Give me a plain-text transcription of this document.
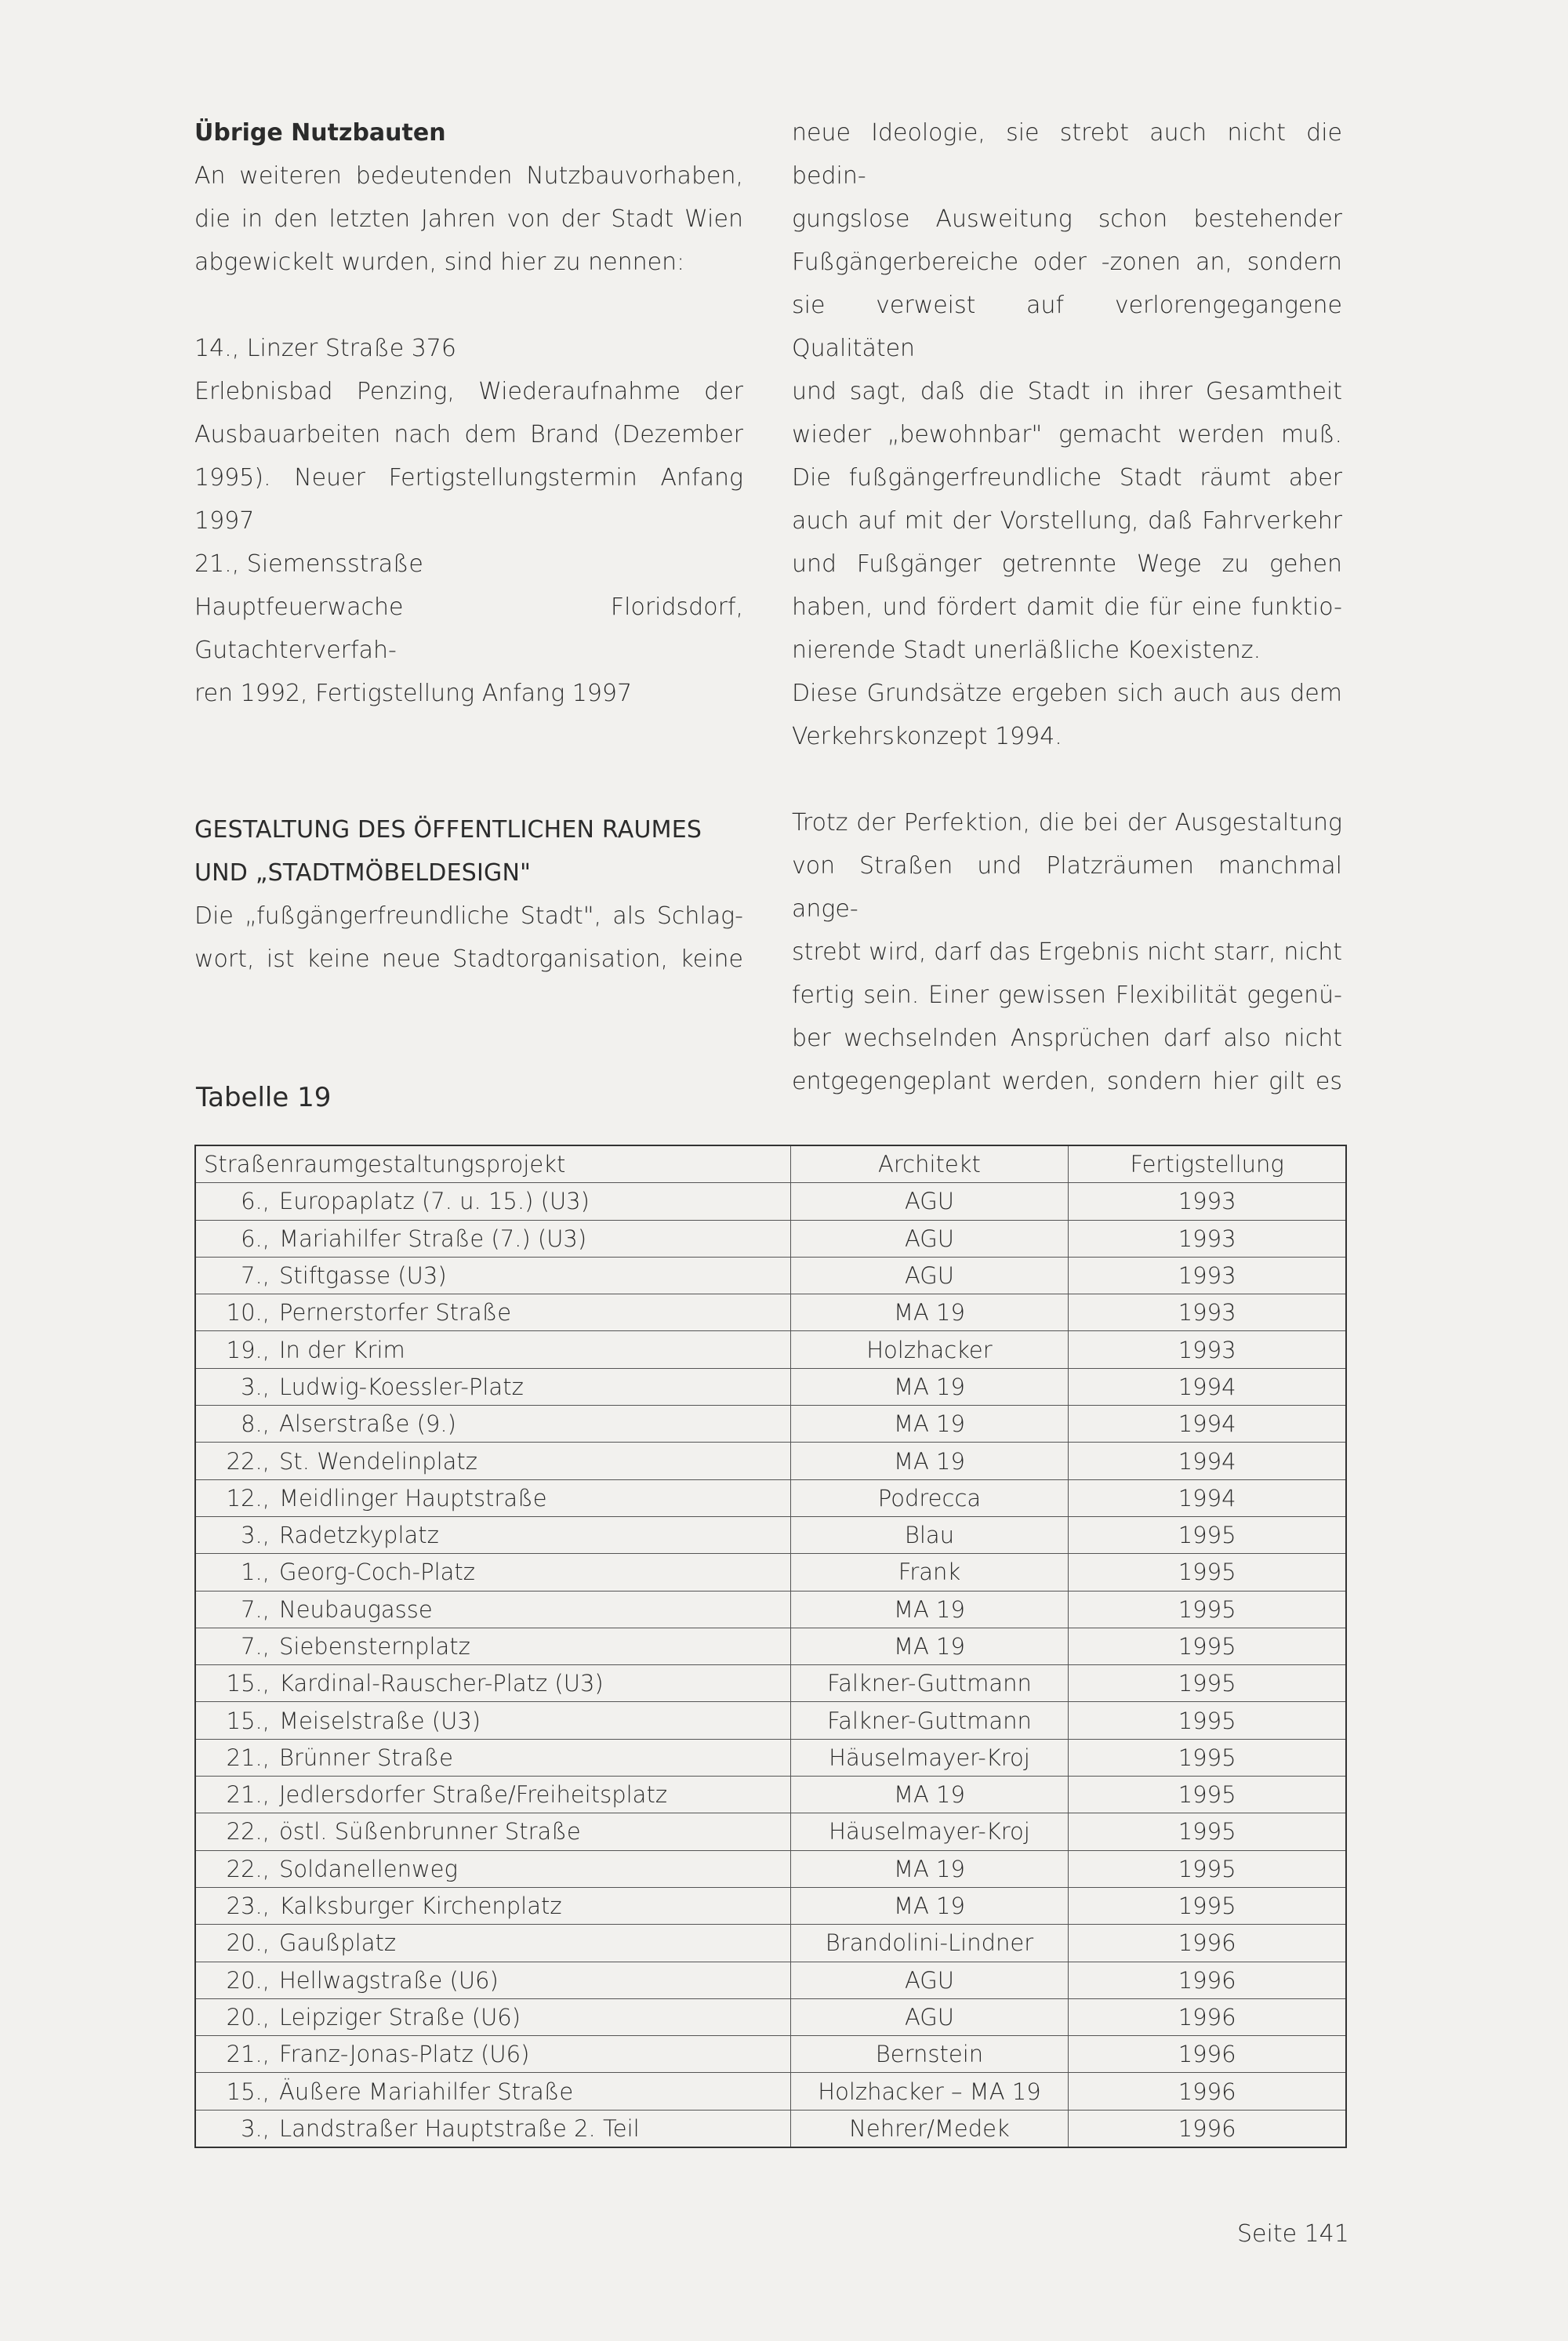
Übrige Nutzbauten

An weiteren bedeutenden Nutzbauvorhaben,

die in den letzten Jahren von der Stadt Wien

abgewickelt wurden, sind hier zu nennen:

14., Linzer Straße 376

Erlebnisbad Penzing, Wiederaufnahme der

Ausbauarbeiten nach dem Brand (Dezember

1995). Neuer Fertigstellungstermin Anfang

1997

21., Siemensstraße

Hauptfeuerwache Floridsdorf, Gutachterverfah-

ren 1992, Fertigstellung Anfang 1997

GESTALTUNG DES ÖFFENTLICHEN RAUMES

UND „STADTMÖBELDESIGN"

Die „fußgängerfreundliche Stadt", als Schlag-

wort, ist keine neue Stadtorganisation, keine

neue Ideologie, sie strebt auch nicht die bedin-

gungslose Ausweitung schon bestehender

Fußgängerbereiche oder -zonen an, sondern

sie verweist auf verlorengegangene Qualitäten

und sagt, daß die Stadt in ihrer Gesamtheit

wieder „bewohnbar" gemacht werden muß.

Die fußgängerfreundliche Stadt räumt aber

auch auf mit der Vorstellung, daß Fahrverkehr

und Fußgänger getrennte Wege zu gehen

haben, und fördert damit die für eine funktio-

nierende Stadt unerläßliche Koexistenz.

Diese Grundsätze ergeben sich auch aus dem

Verkehrskonzept 1994.

Trotz der Perfektion, die bei der Ausgestaltung

von Straßen und Platzräumen manchmal ange-

strebt wird, darf das Ergebnis nicht starr, nicht

fertig sein. Einer gewissen Flexibilität gegenü-

ber wechselnden Ansprüchen darf also nicht

entgegengeplant werden, sondern hier gilt es

Tabelle 19
Straßenraumgestaltungsprojekt	Architekt	Fertigstellung
6., Europaplatz (7. u. 15.) (U3)	AGU	1993
6., Mariahilfer Straße (7.) (U3)	AGU	1993
7., Stiftgasse (U3)	AGU	1993
10., Pernerstorfer Straße	MA 19	1993
19., In der Krim	Holzhacker	1993
3., Ludwig-Koessler-Platz	MA 19	1994
8., Alserstraße (9.)	MA 19	1994
22., St. Wendelinplatz	MA 19	1994
12., Meidlinger Hauptstraße	Podrecca	1994
3., Radetzkyplatz	Blau	1995
1., Georg-Coch-Platz	Frank	1995
7., Neubaugasse	MA 19	1995
7., Siebensternplatz	MA 19	1995
15., Kardinal-Rauscher-Platz (U3)	Falkner-Guttmann	1995
15., Meiselstraße (U3)	Falkner-Guttmann	1995
21., Brünner Straße	Häuselmayer-Kroj	1995
21., Jedlersdorfer Straße/Freiheitsplatz	MA 19	1995
22., östl. Süßenbrunner Straße	Häuselmayer-Kroj	1995
22., Soldanellenweg	MA 19	1995
23., Kalksburger Kirchenplatz	MA 19	1995
20., Gaußplatz	Brandolini-Lindner	1996
20., Hellwagstraße (U6)	AGU	1996
20., Leipziger Straße (U6)	AGU	1996
21., Franz-Jonas-Platz (U6)	Bernstein	1996
15., Äußere Mariahilfer Straße	Holzhacker – MA 19	1996
3., Landstraßer Hauptstraße 2. Teil	Nehrer/Medek	1996
Seite 141
